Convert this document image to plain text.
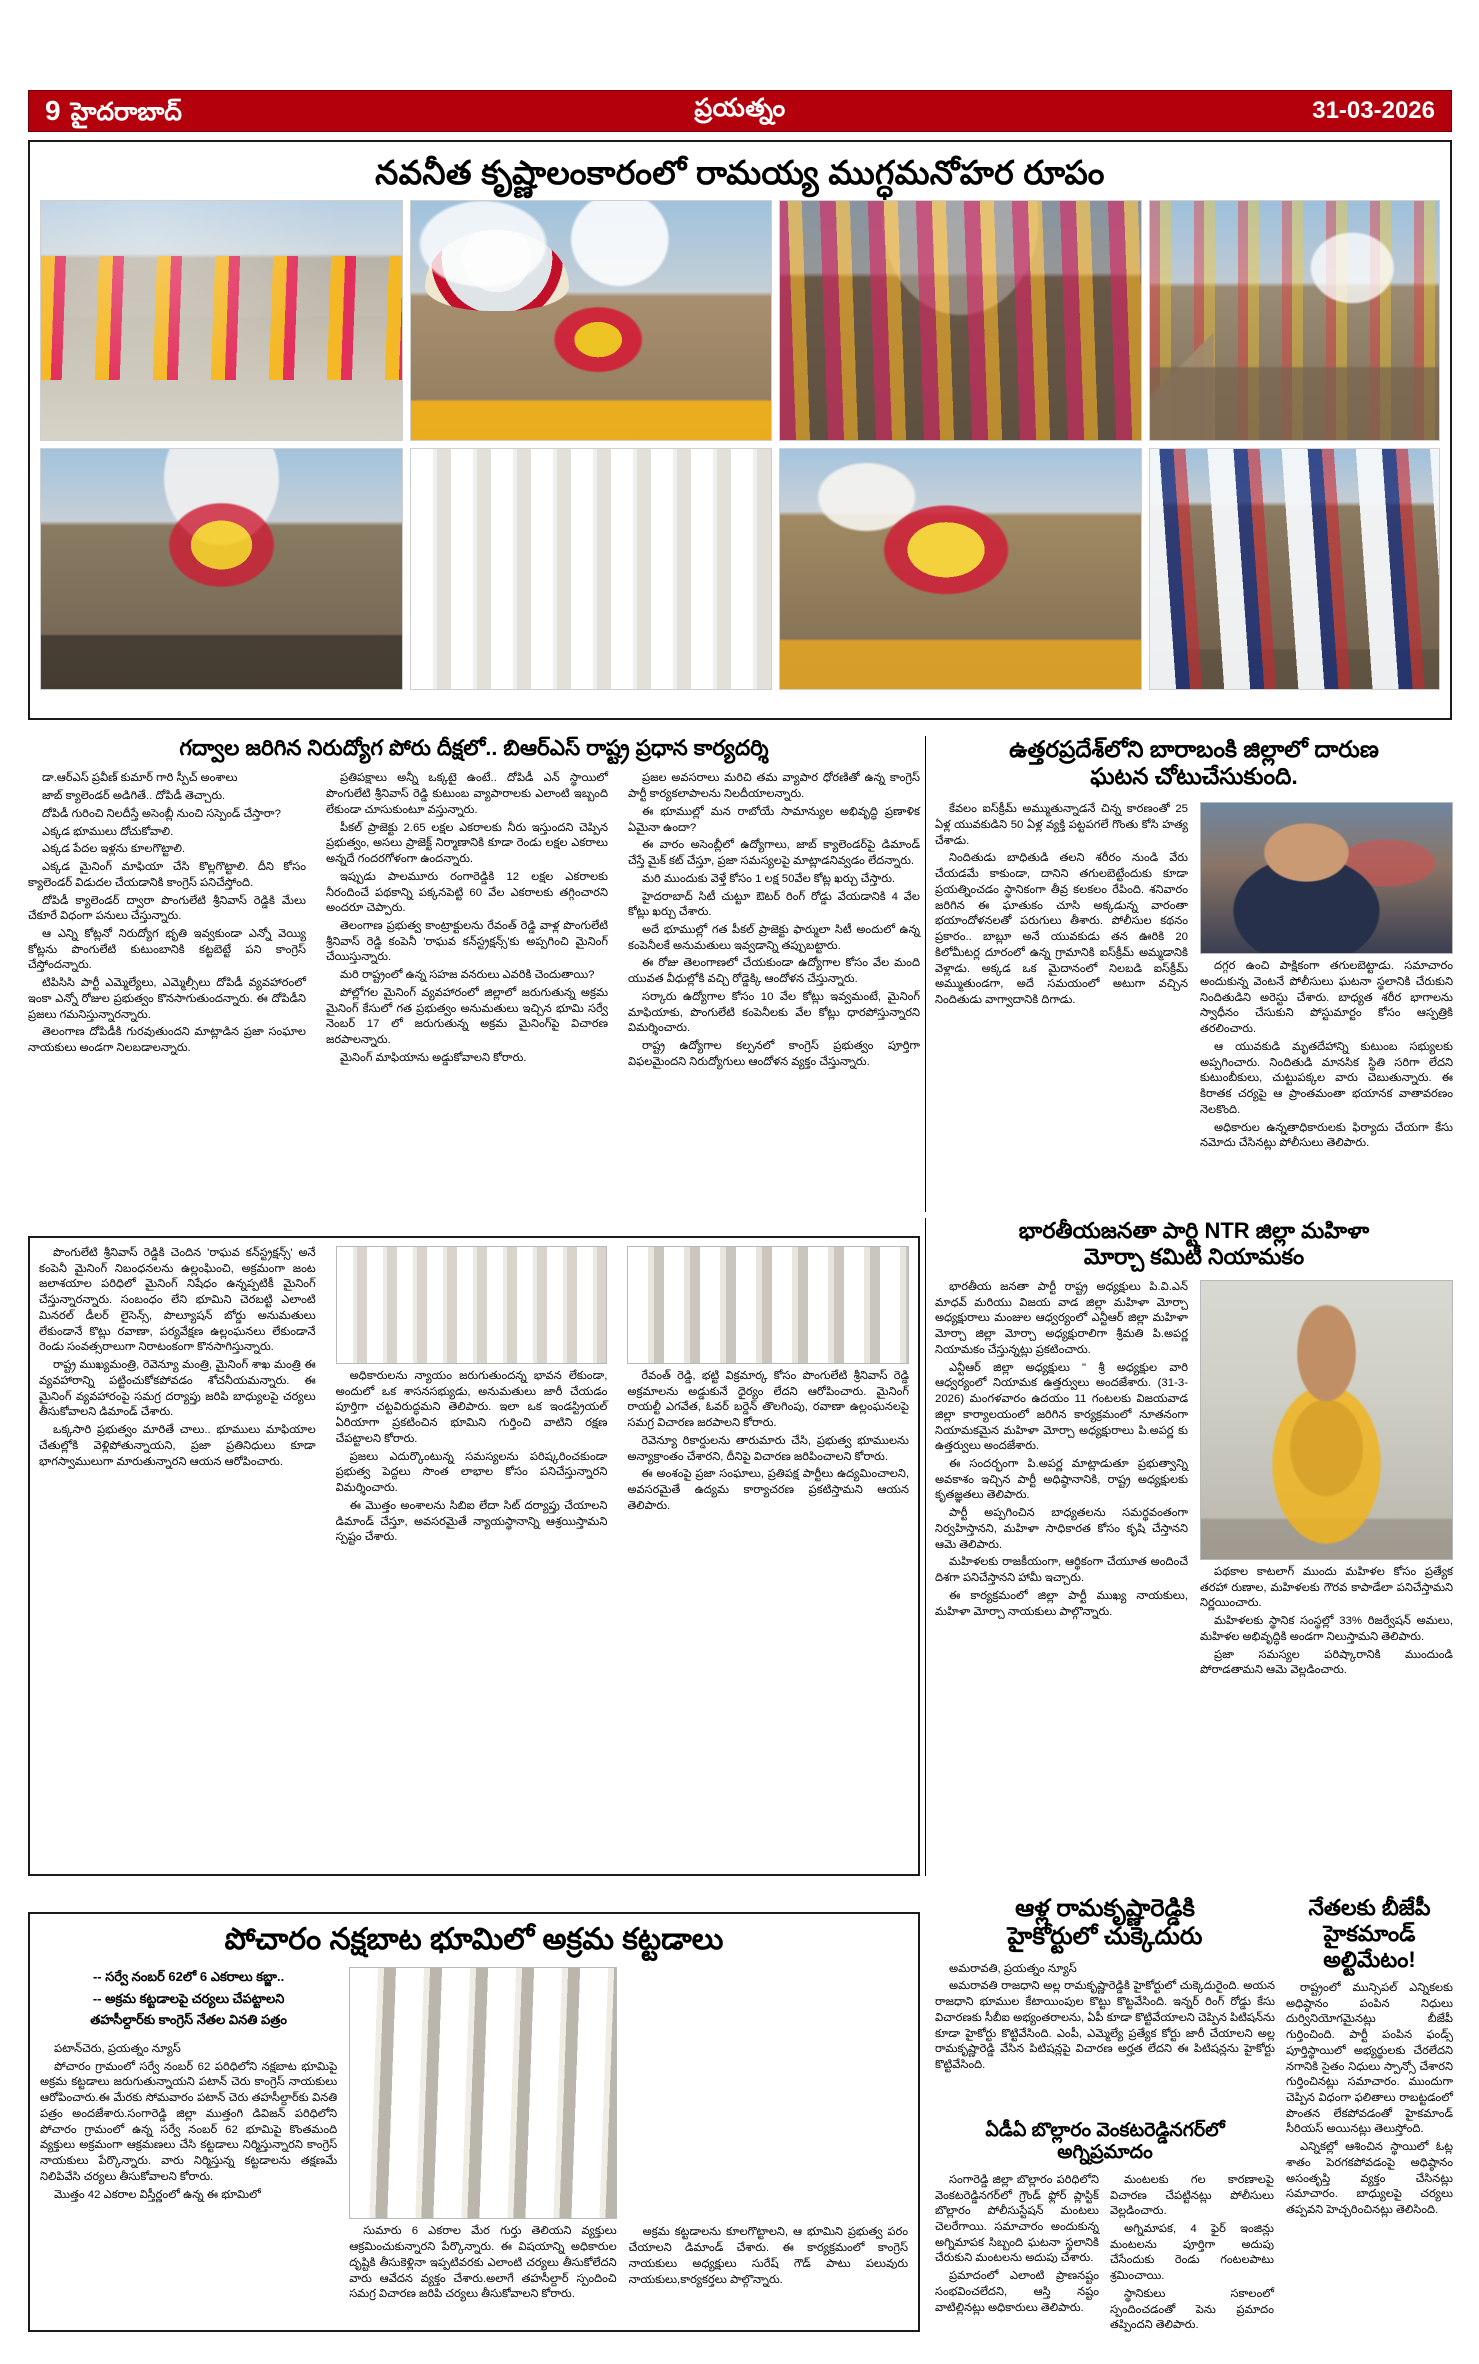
9 హైదరాబాద్	ప్రయత్నం	31-03-2026
నవనీత కృష్ణాలంకారంలో రామయ్య ముగ్ధమనోహర రూపం
గద్వాల జరిగిన నిరుద్యోగ పోరు దీక్షలో.. బిఆర్ఎస్ రాష్ట్ర ప్రధాన కార్యదర్శి

డా.ఆర్ఎస్ ప్రవీణ్ కుమార్ గారి స్పీచ్ అంశాలు

జాబ్ క్యాలెండర్ అడిగితే.. దోపిడీ తెచ్చారు.

దోపిడీ గురించి నిలదీస్తే అసెంబ్లీ నుంచి సస్పెండ్ చేస్తారా?

ఎక్కడ భూములు దోచుకోవాలి.

ఎక్కడ పేదల ఇళ్లను కూలగొట్టాలి.

ఎక్కడ మైనింగ్ మాఫియా చేసి కొల్లగొట్టాలి. దీని కోసం క్యాలెండర్ విడుదల చేయడానికి కాంగ్రెస్ పనిచేస్తోంది.

దోపిడీ క్యాలెండర్ ద్వారా పొంగులేటి శ్రీనివాస్ రెడ్డికి మేలు చేకూరే విధంగా పనులు చేస్తున్నారు.

ఆ ఎన్ని కోట్లనో నిరుద్యోగ భృతి ఇవ్వకుండా ఎన్నో వెయ్యి కోట్లను పొంగులేటి కుటుంబానికి కట్టబెట్టే పని కాంగ్రెస్ చేస్తోందన్నారు.

టిపిసిసి పార్టీ ఎమ్మెల్యేలు, ఎమ్మెల్సీలు దోపిడీ వ్యవహారంలో ఇంకా ఎన్నో రోజుల ప్రభుత్వం కొనసాగుతుందన్నారు. ఈ దోపిడీని ప్రజలు గమనిస్తున్నారన్నారు.

తెలంగాణ దోపిడీకి గురవుతుందని మాట్లాడిన ప్రజా సంఘాల నాయకులు అండగా నిలబడాలన్నారు.

ప్రతిపక్షాలు అన్నీ ఒక్కటై ఉంటే.. దోపిడీ ఎన్ స్థాయిలో పొంగులేటి శ్రీనివాస్ రెడ్డి కుటుంబ వ్యాపారాలకు ఎలాంటి ఇబ్బంది లేకుండా చూసుకుంటూ వస్తున్నారు.

పీకల్ ప్రాజెక్టు 2.65 లక్షల ఎకరాలకు నీరు ఇస్తుందని చెప్పిన ప్రభుత్వం, అసలు ప్రాజెక్ట్ నిర్మాణానికి కూడా రెండు లక్షల ఎకరాలు అన్నదే గందరగోళంగా ఉందన్నారు.

ఇప్పుడు పాలమూరు రంగారెడ్డికి 12 లక్షల ఎకరాలకు నీరందించే పథకాన్ని పక్కనపెట్టి 60 వేల ఎకరాలకు తగ్గించారని అందరూ చెప్పారు.

తెలంగాణ ప్రభుత్వ కాంట్రాక్టులను రేవంత్ రెడ్డి వాళ్ల పొంగులేటి శ్రీనివాస్ రెడ్డి కంపెనీ 'రాఘవ కన్‌స్ట్రక్షన్స్'కు అప్పగించి మైనింగ్ చేయిస్తున్నారు.

మరి రాష్ట్రంలో ఉన్న సహజ వనరులు ఎవరికి చెందుతాయి?

పోల్లోగల మైనింగ్ వ్యవహారంలో జిల్లాలో జరుగుతున్న అక్రమ మైనింగ్ కేసులో గత ప్రభుత్వం అనుమతులు ఇచ్చిన భూమి సర్వే నెంబర్ 17 లో జరుగుతున్న అక్రమ మైనింగ్‌పై విచారణ జరపాలన్నారు.

మైనింగ్ మాఫియాను అడ్డుకోవాలని కోరారు.

ప్రజల అవసరాలు మరిచి తమ వ్యాపార ధోరణితో ఉన్న కాంగ్రెస్ పార్టీ కార్యకలాపాలను నిలదీయాలన్నారు.

ఈ భూముల్లో మన రాబోయే సామాన్యుల అభివృద్ధి ప్రణాళిక ఏమైనా ఉందా?

ఈ వారం అసెంబ్లీలో ఉద్యోగాలు, జాబ్ క్యాలెండర్‌పై డిమాండ్ చేస్తే మైక్ కట్ చేస్తూ, ప్రజా సమస్యలపై మాట్లాడనివ్వడం లేదన్నారు.

మరి ముందుకు వెళ్తే కోసం 1 లక్ష 50వేల కోట్ల ఖర్చు చేస్తారు.

హైదరాబాద్ సిటీ చుట్టూ ఔటర్ రింగ్ రోడ్డు వేయడానికి 4 వేల కోట్లు ఖర్చు చేశారు.

అదే భూముల్లో గత పీకల్ ప్రాజెక్టు ఫార్ములా సిటీ అందులో ఉన్న కంపెనీలకే అనుమతులు ఇవ్వడాన్ని తప్పుబట్టారు.

ఈ రోజు తెలంగాణలో చేయకుండా ఉద్యోగాల కోసం వేల మంది యువత వీధుల్లోకి వచ్చి రోడ్డెక్కి ఆందోళన చేస్తున్నారు.

సర్కారు ఉద్యోగాల కోసం 10 వేల కోట్లు ఇవ్వమంటే, మైనింగ్ మాఫియాకు, పొంగులేటి కంపెనీలకు వేల కోట్లు ధారపోస్తున్నారని విమర్శించారు.

రాష్ట్ర ఉద్యోగాల కల్పనలో కాంగ్రెస్ ప్రభుత్వం పూర్తిగా విఫలమైందని నిరుద్యోగులు ఆందోళన వ్యక్తం చేస్తున్నారు.

ఉత్తరప్రదేశ్‌లోని బారాబంకి జిల్లాలో దారుణ
ఘటన చోటుచేసుకుంది.

కేవలం ఐస్‌క్రీమ్ అమ్ముతున్నాడనే చిన్న కారణంతో 25 ఏళ్ల యువకుడిని 50 ఏళ్ల వ్యక్తి పట్టపగలే గొంతు కోసి హత్య చేశాడు.

నిందితుడు బాధితుడి తలని శరీరం నుండి వేరు చేయడమే కాకుండా, దానిని తగులబెట్టేందుకు కూడా ప్రయత్నించడం స్థానికంగా తీవ్ర కలకలం రేపింది. శనివారం జరిగిన ఈ ఘాతుకం చూసి అక్కడున్న వారంతా భయాందోళనలతో పరుగులు తీశారు. పోలీసుల కథనం ప్రకారం.. బాబ్లూ అనే యువకుడు తన ఊరికి 20 కిలోమీటర్ల దూరంలో ఉన్న గ్రామానికి ఐస్‌క్రీమ్ అమ్మడానికి వెళ్లాడు. అక్కడ ఒక మైదానంలో నిలబడి ఐస్‌క్రీమ్ అమ్ముతుండగా, అదే సమయంలో అటుగా వచ్చిన నిందితుడు వాగ్వాదానికి దిగాడు.

దగ్గర ఉంచి పాక్షికంగా తగులబెట్టాడు. సమాచారం అందుకున్న వెంటనే పోలీసులు ఘటనా స్థలానికి చేరుకుని నిందితుడిని అరెస్టు చేశారు. బాధ్యత శరీర భాగాలను స్వాధీనం చేసుకుని పోస్టుమార్టం కోసం ఆస్పత్రికి తరలించారు.

ఆ యువకుడి మృతదేహాన్ని కుటుంబ సభ్యులకు అప్పగించారు. నిందితుడి మానసిక స్థితి సరిగా లేదని కుటుంబీకులు, చుట్టుపక్కల వారు చెబుతున్నారు. ఈ కిరాతక చర్యపై ఆ ప్రాంతమంతా భయానక వాతావరణం నెలకొంది.

అధికారుల ఉన్నతాధికారులకు ఫిర్యాదు చేయగా కేసు నమోదు చేసినట్లు పోలీసులు తెలిపారు.

పొంగులేటి శ్రీనివాస్ రెడ్డికి చెందిన 'రాఘవ కన్‌స్ట్రక్షన్స్' అనే కంపెనీ మైనింగ్ నిబంధనలను ఉల్లంఘించి, అక్రమంగా జంట జలాశయాల పరిధిలో మైనింగ్ నిషేధం ఉన్నప్పటికీ మైనింగ్ చేస్తున్నారన్నారు. సంబంధం లేని భూమిని చెరబట్టి ఎలాంటి మినరల్ డీలర్ లైసెన్స్, పొల్యూషన్ బోర్డు అనుమతులు లేకుండానే కొట్లు రవాణా, పర్యవేక్షణ ఉల్లంఘనలు లేకుండానే రెండు సంవత్సరాలుగా నిరాటంకంగా కొనసాగిస్తున్నారు.

రాష్ట్ర ముఖ్యమంత్రి, రెవెన్యూ మంత్రి, మైనింగ్ శాఖ మంత్రి ఈ వ్యవహారాన్ని పట్టించుకోకపోవడం శోచనీయమన్నారు. ఈ మైనింగ్ వ్యవహారంపై సమగ్ర దర్యాప్తు జరిపి బాధ్యులపై చర్యలు తీసుకోవాలని డిమాండ్ చేశారు.

ఒక్కసారి ప్రభుత్వం మారితే చాలు.. భూములు మాఫియాల చేతుల్లోకి వెళ్లిపోతున్నాయని, ప్రజా ప్రతినిధులు కూడా భాగస్వాములుగా మారుతున్నారని ఆయన ఆరోపించారు.

అధికారులను న్యాయం జరుగుతుందన్న భావన లేకుండా, అందులో ఒక శాసనసభ్యుడు, అనుమతులు జారీ చేయడం పూర్తిగా చట్టవిరుద్ధమని తెలిపారు. ఇలా ఒక ఇండస్ట్రియల్ ఏరియాగా ప్రకటించిన భూమిని గుర్తించి వాటిని రక్షణ చేపట్టాలని కోరారు.

ప్రజలు ఎదుర్కొంటున్న సమస్యలను పరిష్కరించకుండా ప్రభుత్వ పెద్దలు సొంత లాభాల కోసం పనిచేస్తున్నారని విమర్శించారు.

ఈ మొత్తం అంశాలను సిబిఐ లేదా సిట్ దర్యాప్తు చేయాలని డిమాండ్ చేస్తూ, అవసరమైతే న్యాయస్థానాన్ని ఆశ్రయిస్తామని స్పష్టం చేశారు.

రేవంత్ రెడ్డి, భట్టి విక్రమార్క కోసం పొంగులేటి శ్రీనివాస్ రెడ్డి అక్రమాలను అడ్డుకునే ధైర్యం లేదని ఆరోపించారు. మైనింగ్ రాయల్టీ ఎగవేత, ఓవర్ బర్డెన్ తొలగింపు, రవాణా ఉల్లంఘనలపై సమగ్ర విచారణ జరపాలని కోరారు.

రెవెన్యూ రికార్డులను తారుమారు చేసి, ప్రభుత్వ భూములను అన్యాక్రాంతం చేశారని, దీనిపై విచారణ జరిపించాలని కోరారు.

ఈ అంశంపై ప్రజా సంఘాలు, ప్రతిపక్ష పార్టీలు ఉద్యమించాలని, అవసరమైతే ఉద్యమ కార్యాచరణ ప్రకటిస్తామని ఆయన తెలిపారు.

భారతీయజనతా పార్టి NTR జిల్లా మహిళా
మోర్చా కమిటీ నియామకం

భారతీయ జనతా పార్టీ రాష్ట్ర అధ్యక్షులు పి.వి.ఎన్ మాధవ్ మరియు విజయ వాడ జిల్లా మహిళా మోర్చా అధ్యక్షురాలు మంజుల ఆధ్వర్యంలో ఎన్టీఆర్ జిల్లా మహిళా మోర్చా జిల్లా మోర్చా అధ్యక్షురాలిగా శ్రీమతి పి.అపర్ణ నియామకం చేస్తున్నట్లు ప్రకటించారు.

ఎన్టీఆర్ జిల్లా అధ్యక్షులు " శ్రీ అధ్యక్షుల వారి ఆధ్వర్యంలో నియామక ఉత్తర్వులు అందజేశారు. (31-3-2026) మంగళవారం ఉదయం 11 గంటలకు విజయవాడ జిల్లా కార్యాలయంలో జరిగిన కార్యక్రమంలో నూతనంగా నియామకమైన మహిళా మోర్చా అధ్యక్షురాలు పి.అపర్ణ కు ఉత్తర్వులు అందజేశారు.

ఈ సందర్భంగా పి.అపర్ణ మాట్లాడుతూ ప్రభుత్వాన్ని అవకాశం ఇచ్చిన పార్టీ అధిష్ఠానానికి, రాష్ట్ర అధ్యక్షులకు కృతజ్ఞతలు తెలిపారు.

పార్టీ అప్పగించిన బాధ్యతలను సమర్థవంతంగా నిర్వహిస్తానని, మహిళా సాధికారత కోసం కృషి చేస్తానని ఆమె తెలిపారు.

మహిళలకు రాజకీయంగా, ఆర్థికంగా చేయూత అందించే దిశగా పనిచేస్తానని హామీ ఇచ్చారు.

ఈ కార్యక్రమంలో జిల్లా పార్టీ ముఖ్య నాయకులు, మహిళా మోర్చా నాయకులు పాల్గొన్నారు.

పథకాల కాటలాగ్ ముందు మహిళల కోసం ప్రత్యేక తరహా రుణాల, మహిళలకు గౌరవ కాపాడేలా పనిచేస్తామని నిర్ణయించారు.

మహిళలకు స్థానిక సంస్థల్లో 33% రిజర్వేషన్ అమలు, మహిళల అభివృద్ధికి అండగా నిలుస్తామని తెలిపారు.

ప్రజా సమస్యల పరిష్కారానికి ముందుండి పోరాడతామని ఆమె వెల్లడించారు.

పోచారం నక్షబాట భూమిలో అక్రమ కట్టడాలు
-- సర్వే నంబర్ 62లో 6 ఎకరాలు కబ్జా..
-- అక్రమ కట్టడాలపై చర్యలు చేపట్టాలని
తహసీల్దార్‌కు కాంగ్రెస్ నేతల వినతి పత్రం

పటాన్‌చెరు, ప్రయత్నం న్యూస్

పోచారం గ్రామంలో సర్వే నంబర్ 62 పరిధిలోని నక్షబాట భూమిపై అక్రమ కట్టడాలు జరుగుతున్నాయని పటాన్ చెరు కాంగ్రెస్ నాయకులు ఆరోపించారు.ఈ మేరకు సోమవారం పటాన్ చెరు తహసీల్దార్‌కు వినతి పత్రం అందజేశారు.సంగారెడ్డి జిల్లా ముత్తంగి డివిజన్ పరిధిలోని పోచారం గ్రామంలో ఉన్న సర్వే నంబర్ 62 భూమిపై కొంతమంది వ్యక్తులు అక్రమంగా ఆక్రమణలు చేసి కట్టడాలు నిర్మిస్తున్నారని కాంగ్రెస్ నాయకులు పేర్కొన్నారు. వారు నిర్మిస్తున్న కట్టడాలను తక్షణమే నిలిపివేసి చర్యలు తీసుకోవాలని కోరారు.

మొత్తం 42 ఎకరాల విస్తీర్ణంలో ఉన్న ఈ భూమిలో

సుమారు 6 ఎకరాల మేర గుర్తు తెలియని వ్యక్తులు ఆక్రమించుకున్నారని పేర్కొన్నారు. ఈ విషయాన్ని అధికారుల దృష్టికి తీసుకెళ్లినా ఇప్పటివరకు ఎలాంటి చర్యలు తీసుకోలేదని వారు ఆవేదన వ్యక్తం చేశారు.అలాగే తహసీల్దార్ స్పందించి సమగ్ర విచారణ జరిపి చర్యలు తీసుకోవాలని కోరారు.

అక్రమ కట్టడాలను కూలగొట్టాలని, ఆ భూమిని ప్రభుత్వ పరం చేయాలని డిమాండ్ చేశారు. ఈ కార్యక్రమంలో కాంగ్రెస్ నాయకులు అధ్యక్షులు సురేష్ గౌడ్ పాటు పలువురు నాయకులు,కార్యకర్తలు పాల్గొన్నారు.

ఆళ్ల రామకృష్ణారెడ్డికి
హైకోర్టులో చుక్కెదురు

అమరావతి, ప్రయత్నం న్యూస్

అమరావతి రాజధాని అల్ల రామకృష్ణారెడ్డికి హైకోర్టులో చుక్కెదురైంది. అయన రాజధాని భూముల కేటాయింపుల కొట్టు కొట్టవేసింది. ఇన్నర్ రింగ్ రోడ్డు కేసు విచారణకు సీబీఐ అభ్యంతరాలను, ఏపీ కూడా కొట్టివేయాలని చెప్పిన పిటిషన్‌ను కూడా హైకోర్టు కొట్టివేసింది. ఎంపీ, ఎమ్మెల్యే ప్రత్యేక కోర్టు జారీ చేయాలని అల్ల రామకృష్ణారెడ్డి వేసిన పిటిషన్లపై విచారణ అర్హత లేదని ఈ పిటిషన్లను హైకోర్టు కొట్టివేసింది.

నేతలకు బీజేపీ
హైకమాండ్ అల్టిమేటం!

రాష్ట్రంలో మున్సిపల్ ఎన్నికలకు అధిష్ఠానం పంపిన నిధులు దుర్వినియోగమైనట్లు బీజేపీ గుర్తించింది. పార్టీ పంపిన ఫండ్స్ పూర్తిస్థాయిలో అభ్యర్థులకు చేరలేదని నగానికి సైతం నిధులు స్పాన్సో చేశారని గుర్తించినట్లు సమాచారం. ముందుగా చెప్పిన విధంగా ఫలితాలు రాబట్టడంలో పొంతన లేకపోవడంతో హైకమాండ్ సీరియస్ అయినట్లు తెలుస్తోంది.

ఎన్నికల్లో ఆశించిన స్థాయిలో ఓట్ల శాతం పెరగకపోవడంపై అధిష్ఠానం అసంతృప్తి వ్యక్తం చేసినట్లు సమాచారం. బాధ్యులపై చర్యలు తప్పవని హెచ్చరించినట్లు తెలిసింది.

ఏడీఏ బొల్లారం వెంకటరెడ్డినగర్‌లో అగ్నిప్రమాదం

సంగారెడ్డి జిల్లా బొల్లారం పరిధిలోని వెంకటరెడ్డినగర్‌లో గ్రౌండ్ ఫ్లోర్ ప్లాస్టిక్ బొల్లారం పోలీసుస్టేషన్ మంటలు చెలరేగాయి. సమాచారం అందుకున్న అగ్నిమాపక సిబ్బంది ఘటనా స్థలానికి చేరుకుని మంటలను అదుపు చేశారు.

ప్రమాదంలో ఎలాంటి ప్రాణనష్టం సంభవించలేదని, ఆస్తి నష్టం వాటిల్లినట్లు అధికారులు తెలిపారు.

మంటలకు గల కారణాలపై విచారణ చేపట్టినట్లు పోలీసులు వెల్లడించారు.

అగ్నిమాపక, 4 ఫైర్ ఇంజిన్లు మంటలను పూర్తిగా అదుపు చేసేందుకు రెండు గంటలపాటు శ్రమించాయి.

స్థానికులు సకాలంలో స్పందించడంతో పెను ప్రమాదం తప్పిందని తెలిపారు.
